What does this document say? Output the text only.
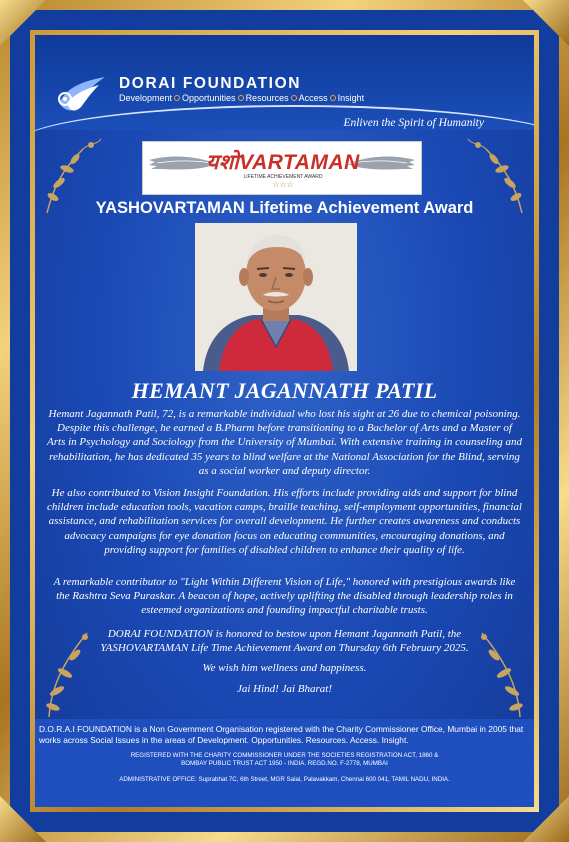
DORAI FOUNDATION
Development Opportunities Resources Access Insight
Enliven the Spirit of Humanity
यशोVARTAMAN
LIFETIME ACHIEVEMENT AWARD
☆☆☆
YASHOVARTAMAN Lifetime Achievement Award
HEMANT JAGANNATH PATIL

Hemant Jagannath Patil, 72, is a remarkable individual who lost his sight at 26 due to chemical poisoning. Despite this challenge, he earned a B.Pharm before transitioning to a Bachelor of Arts and a Master of Arts in Psychology and Sociology from the University of Mumbai. With extensive training in counseling and rehabilitation, he has dedicated 35 years to blind welfare at the National Association for the Blind, serving as a social worker and deputy director.

He also contributed to Vision Insight Foundation. His efforts include providing aids and support for blind children include education tools, vacation camps, braille teaching, self-employment opportunities, financial assistance, and rehabilitation services for overall development. He further creates awareness and conducts advocacy campaigns for eye donation focus on educating communities, encouraging donations, and providing support for families of disabled children to enhance their quality of life.

A remarkable contributor to "Light Within Different Vision of Life," honored with prestigious awards like the Rashtra Seva Puraskar. A beacon of hope, actively uplifting the disabled through leadership roles in esteemed organizations and founding impactful charitable trusts.

DORAI FOUNDATION is honored to bestow upon Hemant Jagannath Patil, the YASHOVARTAMAN Life Time Achievement Award on Thursday 6th February 2025.

We wish him wellness and happiness.

Jai Hind! Jai Bharat!

D.O.R.A.I FOUNDATION is a Non Government Organisation registered with the Charity Commissioner Office, Mumbai in 2005 that works across Social Issues in the areas of Development. Opportunities. Resources. Access. Insight.

REGISTERED WITH THE CHARITY COMMISSIONER UNDER THE SOCIETIES REGISTRATION ACT, 1860 &
BOMBAY PUBLIC TRUST ACT 1950 - INDIA. REGD.NO. F-2778, MUMBAI
ADMINISTRATIVE OFFICE: Suprabhat 7C, 6th Street, MGR Salai, Palavakkam, Chennai 600 041, TAMIL NADU, INDIA.
